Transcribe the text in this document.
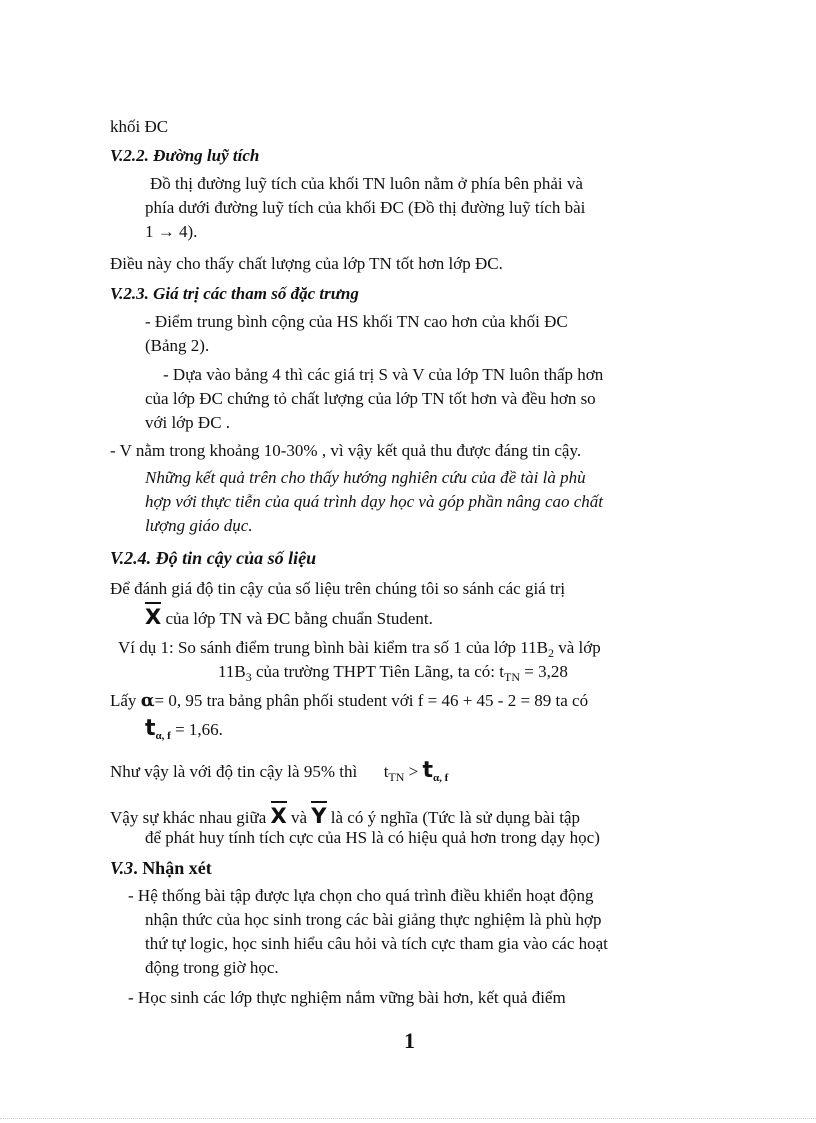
khối ĐC
V.2.2. Đường luỹ tích
Đồ thị đường luỹ tích của khối TN luôn nằm ở phía bên phải và
phía dưới đường luỹ tích của khối ĐC (Đồ thị đường luỹ tích bài
1 → 4).
Điều này cho thấy chất lượng của lớp TN tốt hơn lớp ĐC.
V.2.3. Giá trị các tham số đặc trưng
- Điểm trung bình cộng của HS khối TN cao hơn của khối ĐC
(Bảng 2).
- Dựa vào bảng 4 thì các giá trị S và V của lớp TN luôn thấp hơn
của lớp ĐC chứng tỏ chất lượng của lớp TN tốt hơn và đều hơn so
với lớp ĐC .
- V nằm trong khoảng 10-30% , vì vậy kết quả thu được đáng tin cậy.
Những kết quả trên cho thấy hướng nghiên cứu của đề tài là phù
hợp với thực tiễn của quá trình dạy học và góp phần nâng cao chất
lượng giáo dục.
V.2.4. Độ tin cậy của số liệu
Để đánh giá độ tin cậy của số liệu trên chúng tôi so sánh các giá trị
X của lớp TN và ĐC bằng chuẩn Student.
Ví dụ 1: So sánh điểm trung bình bài kiểm tra số 1 của lớp $11B_2$ và lớp
$11B_3$ của trường THPT Tiên Lãng, ta có: $t_{TN} = 3,28$
Lấy α= 0, 95 tra bảng phân phối student với f = 46 + 45 - 2 = 89 ta có
$t_{\alpha, f} = 1,66$.
Như vậy là với độ tin cậy là 95% thì $t_{TN} > t_{\alpha, f}$
Vậy sự khác nhau giữa X và Y là có ý nghĩa (Tức là sử dụng bài tập
để phát huy tính tích cực của HS là có hiệu quả hơn trong dạy học)
V.3. Nhận xét
- Hệ thống bài tập được lựa chọn cho quá trình điều khiển hoạt động
nhận thức của học sinh trong các bài giảng thực nghiệm là phù hợp
thứ tự logic, học sinh hiểu câu hỏi và tích cực tham gia vào các hoạt
động trong giờ học.
- Học sinh các lớp thực nghiệm nắm vững bài hơn, kết quả điểm
1
